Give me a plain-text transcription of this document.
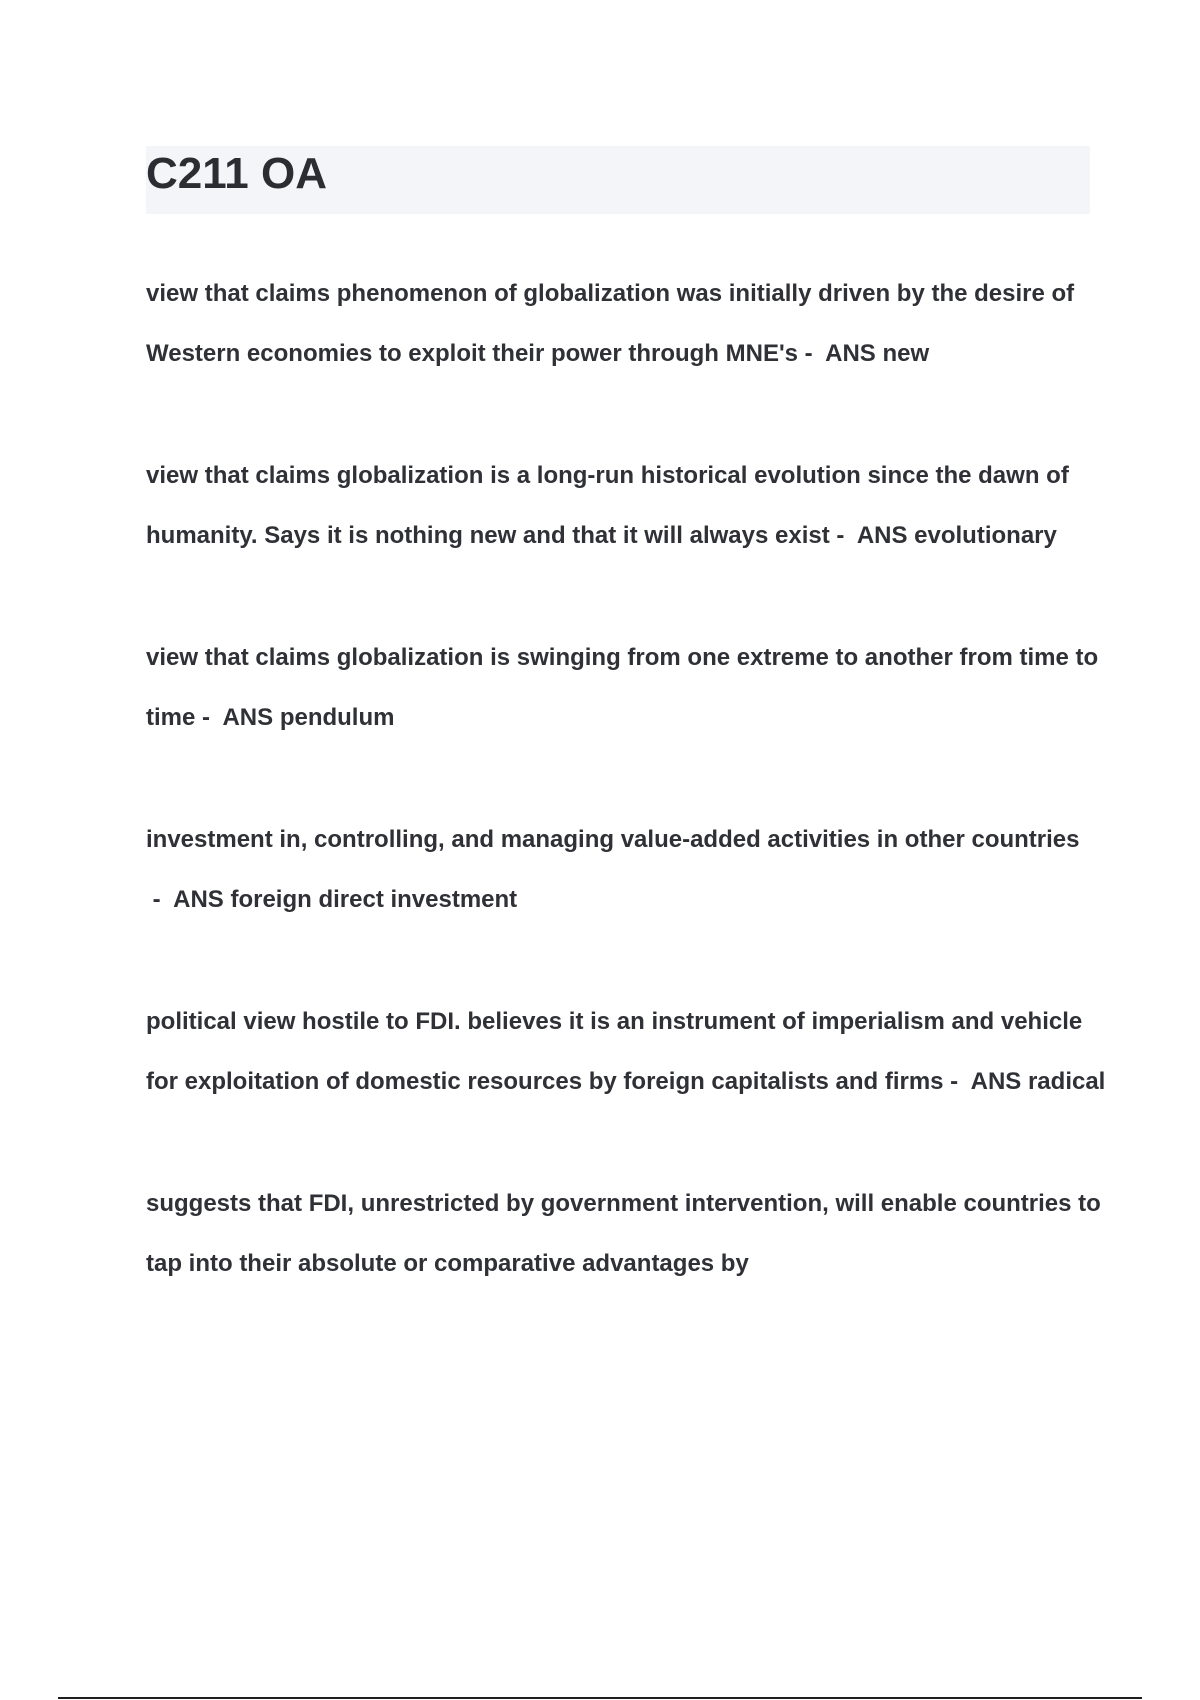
C211 OA
view that claims phenomenon of globalization was initially driven by the desire of Western economies to exploit their power through MNE's -  ANS new
view that claims globalization is a long-run historical evolution since the dawn of humanity. Says it is nothing new and that it will always exist -  ANS evolutionary
view that claims globalization is swinging from one extreme to another from time to time -  ANS pendulum
investment in, controlling, and managing value-added activities in other countries -  ANS foreign direct investment
political view hostile to FDI. believes it is an instrument of imperialism and vehicle for exploitation of domestic resources by foreign capitalists and firms -  ANS radical
suggests that FDI, unrestricted by government intervention, will enable countries to tap into their absolute or comparative advantages by
